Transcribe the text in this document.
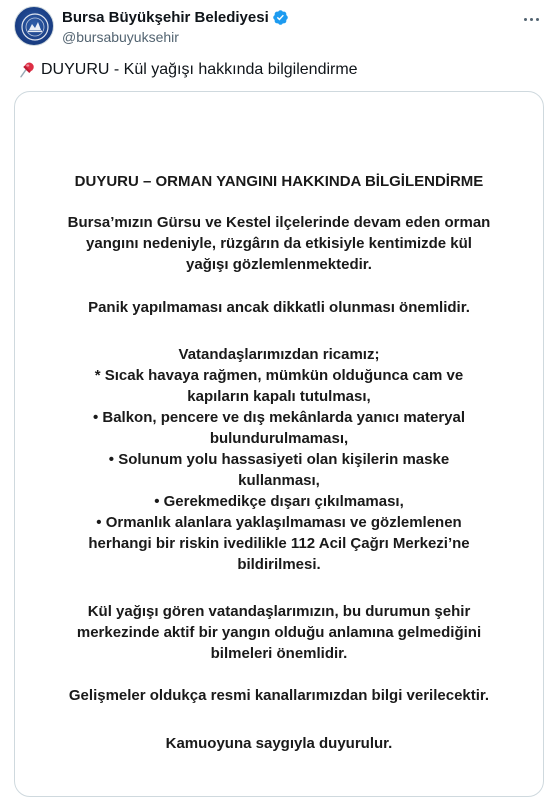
Bursa Büyükşehir Belediyesi
@bursabuyuksehir
DUYURU - Kül yağışı hakkında bilgilendirme
DUYURU – ORMAN YANGINI HAKKINDA BİLGİLENDİRME
Bursa’mızın Gürsu ve Kestel ilçelerinde devam eden orman
yangını nedeniyle, rüzgârın da etkisiyle kentimizde kül
yağışı gözlemlenmektedir.
Panik yapılmaması ancak dikkatli olunması önemlidir.
Vatandaşlarımızdan ricamız;
* Sıcak havaya rağmen, mümkün olduğunca cam ve
kapıların kapalı tutulması,
• Balkon, pencere ve dış mekânlarda yanıcı materyal
bulundurulmaması,
• Solunum yolu hassasiyeti olan kişilerin maske
kullanması,
• Gerekmedikçe dışarı çıkılmaması,
• Ormanlık alanlara yaklaşılmaması ve gözlemlenen
herhangi bir riskin ivedilikle 112 Acil Çağrı Merkezi’ne
bildirilmesi.
Kül yağışı gören vatandaşlarımızın, bu durumun şehir
merkezinde aktif bir yangın olduğu anlamına gelmediğini
bilmeleri önemlidir.
Gelişmeler oldukça resmi kanallarımızdan bilgi verilecektir.
Kamuoyuna saygıyla duyurulur.
